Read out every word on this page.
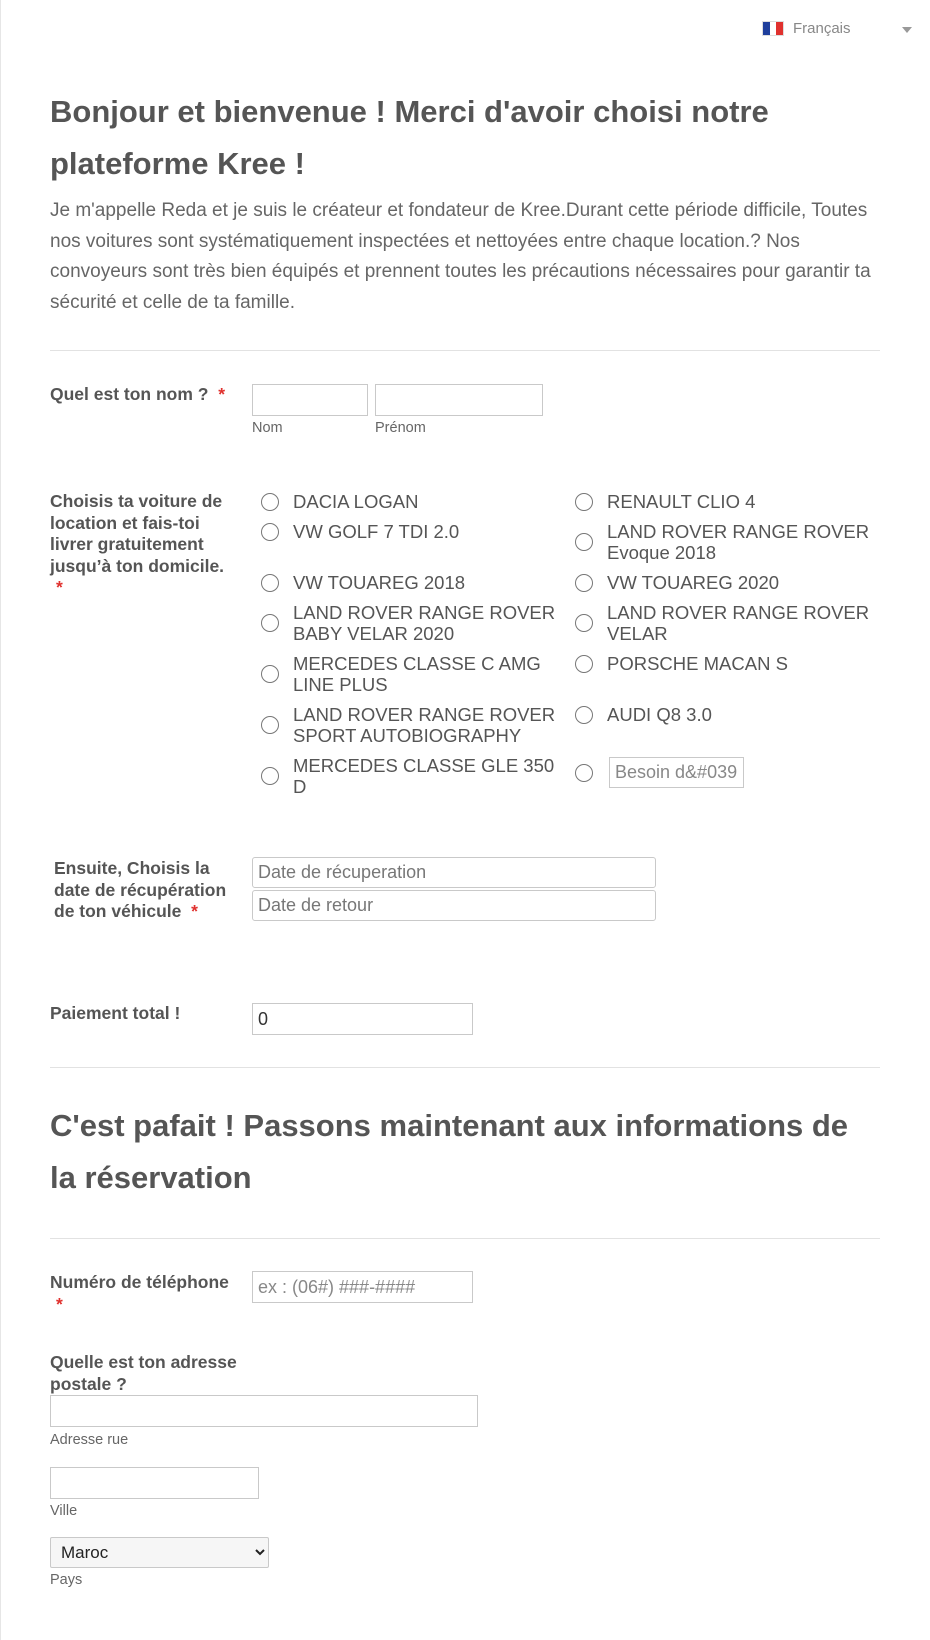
Français
Bonjour et bienvenue ! Merci d'avoir choisi notre plateforme Kree !

Je m'appelle Reda et je suis le créateur et fondateur de Kree.Durant cette période difficile, Toutes nos voitures sont systématiquement inspectées et nettoyées entre chaque location.? Nos convoyeurs sont très bien équipés et prennent toutes les précautions nécessaires pour garantir ta sécurité et celle de ta famille.

Quel est ton nom ? *
Nom	Prénom
Choisis ta voiture de location et fais-toi livrer gratuitement jusqu’à ton domicile.
*
DACIA LOGAN	RENAULT CLIO 4
VW GOLF 7 TDI 2.0	LAND ROVER RANGE ROVER Evoque 2018
VW TOUAREG 2018	VW TOUAREG 2020
LAND ROVER RANGE ROVER BABY VELAR 2020
LAND ROVER RANGE ROVER VELAR
MERCEDES CLASSE C AMG LINE PLUS
PORSCHE MACAN S
LAND ROVER RANGE ROVER SPORT AUTOBIOGRAPHY
AUDI Q8 3.0
MERCEDES CLASSE GLE 350 D
Besoin d&#039
Ensuite, Choisis la date de récupération de ton véhicule *
Date de récuperation
Date de retour
Paiement total !
0
C'est pafait ! Passons maintenant aux informations de la réservation
Numéro de téléphone
*
ex : (06#) ###-####
Quelle est ton adresse postale ?
Adresse rue
Ville
Maroc
Pays
